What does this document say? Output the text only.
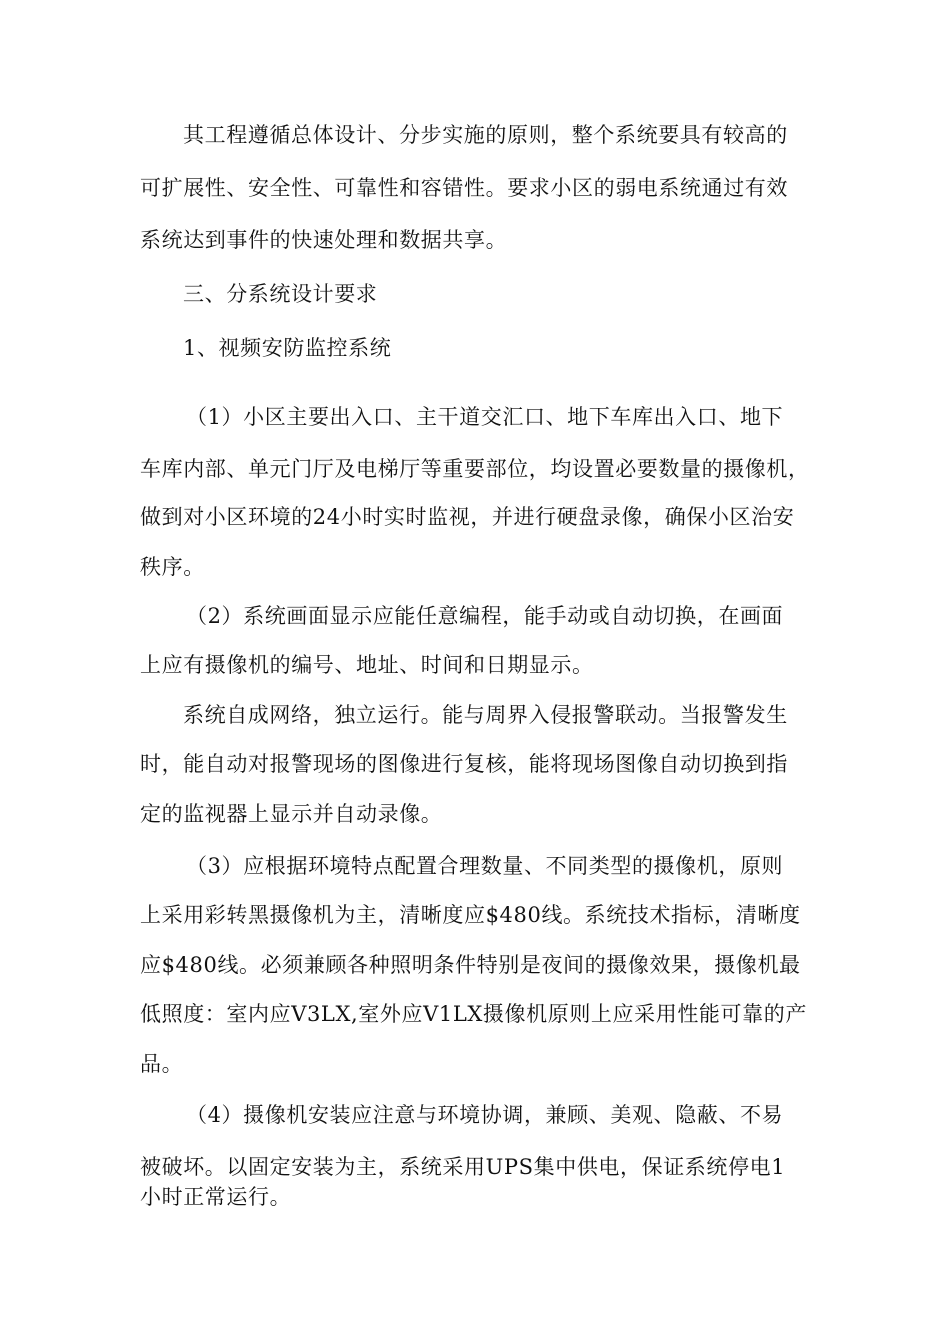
其工程遵循总体设计、分步实施的原则，整个系统要具有较高的
可扩展性、安全性、可靠性和容错性。要求小区的弱电系统通过有效
系统达到事件的快速处理和数据共享。
三、分系统设计要求
1、视频安防监控系统
（1）小区主要出入口、主干道交汇口、地下车库出入口、地下
车库内部、单元门厅及电梯厅等重要部位，均设置必要数量的摄像机，
做到对小区环境的24小时实时监视，并进行硬盘录像，确保小区治安
秩序。
（2）系统画面显示应能任意编程，能手动或自动切换，在画面
上应有摄像机的编号、地址、时间和日期显示。
系统自成网络，独立运行。能与周界入侵报警联动。当报警发生
时，能自动对报警现场的图像进行复核，能将现场图像自动切换到指
定的监视器上显示并自动录像。
（3）应根据环境特点配置合理数量、不同类型的摄像机，原则
上采用彩转黑摄像机为主，清晰度应$480线。系统技术指标，清晰度
应$480线。必须兼顾各种照明条件特别是夜间的摄像效果，摄像机最
低照度：室内应V3LX,室外应V1LX摄像机原则上应采用性能可靠的产
品。
（4）摄像机安装应注意与环境协调，兼顾、美观、隐蔽、不易
被破坏。以固定安装为主，系统采用UPS集中供电，保证系统停电1
小时正常运行。
